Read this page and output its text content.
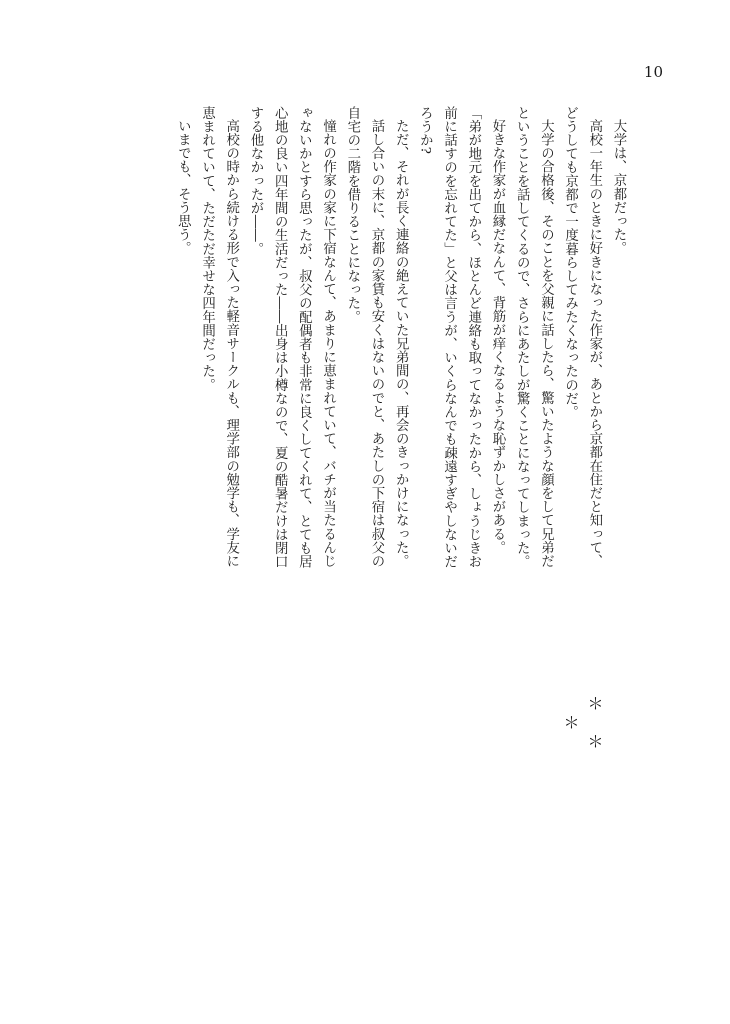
10

大学は、京都だった。

高校一年生のときに好きになった作家が、あとから京都在住だと知って、どうしても京都で一度暮らしてみたくなったのだ。

大学の合格後、そのことを父親に話したら、驚いたような顔をして兄弟だということを話してくるので、さらにあたしが驚くことになってしまった。

好きな作家が血縁だなんて、背筋が痒くなるような恥ずかしさがある。

「弟が地元を出てから、ほとんど連絡も取ってなかったから、しょうじきお前に話すのを忘れてた」と父は言うが、いくらなんでも疎遠すぎやしないだろうか?

ただ、それが長く連絡の絶えていた兄弟間の、再会のきっかけになった。

話し合いの末に、京都の家賃も安くはないのでと、あたしの下宿は叔父の自宅の二階を借りることになった。

憧れの作家の家に下宿なんて、あまりに恵まれていて、バチが当たるんじゃないかとすら思ったが、叔父の配偶者も非常に良くしてくれて、とても居心地の良い四年間の生活だった――出身は小樽なので、夏の酷暑だけは閉口する他なかったが――。

高校の時から続ける形で入った軽音サークルも、理学部の勉学も、学友に恵まれていて、ただただ幸せな四年間だった。

いまでも、そう思う。

＊＊＊
